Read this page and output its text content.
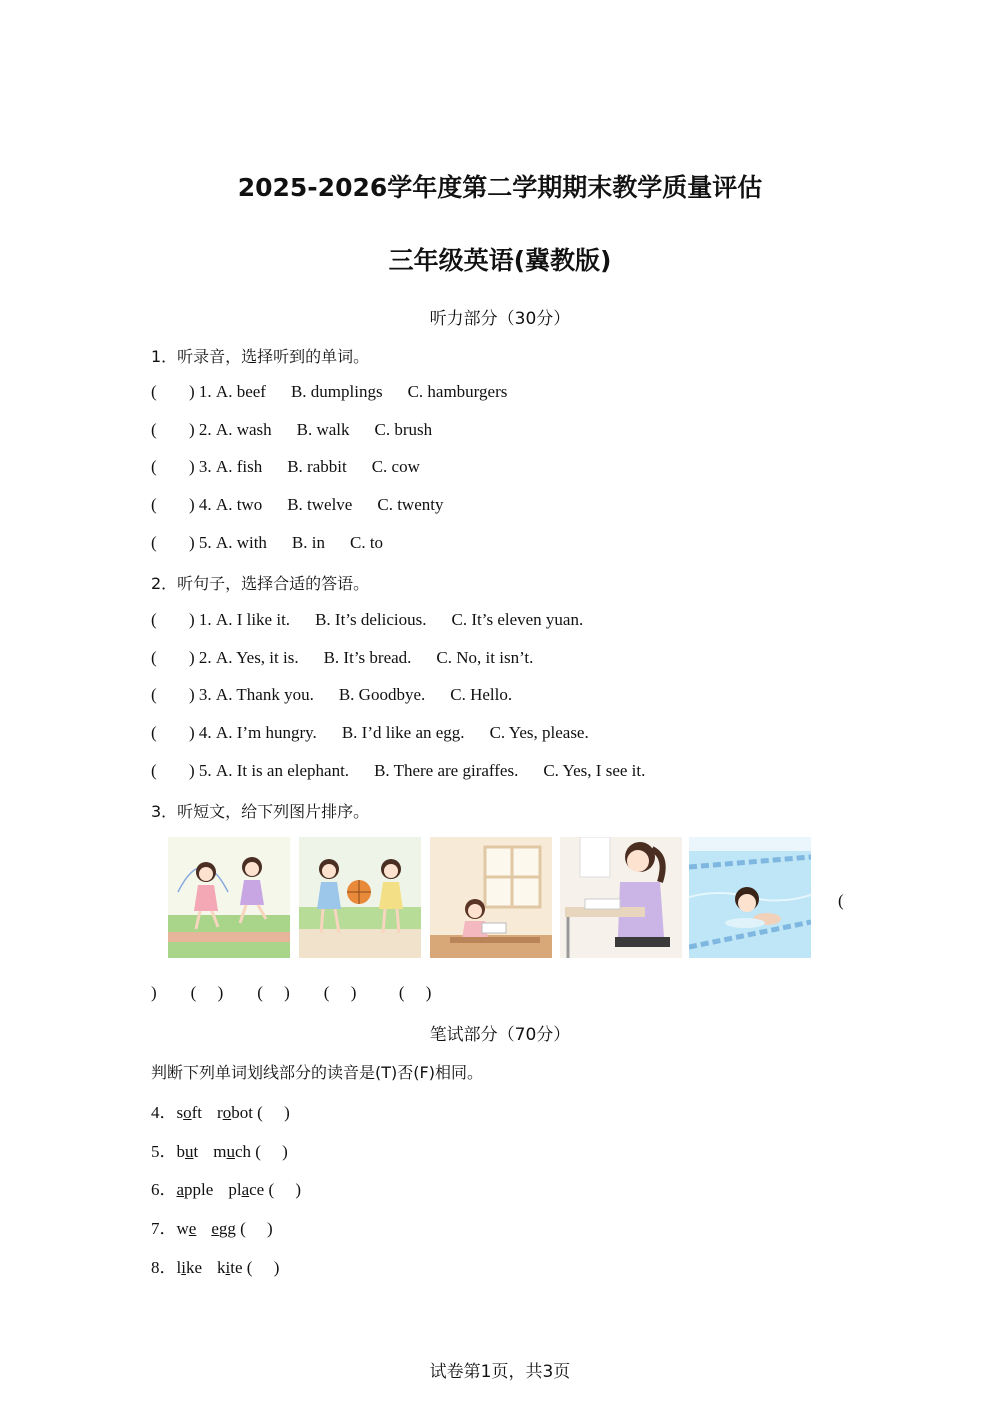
2025-2026学年度第二学期期末教学质量评估
三年级英语(冀教版)
听力部分（30分）
1．听录音，选择听到的单词。
( ) 1. A. beef B. dumplings C. hamburgers
( ) 2. A. wash B. walk C. brush
( ) 3. A. fish B. rabbit C. cow
( ) 4. A. two B. twelve C. twenty
( ) 5. A. with B. in C. to
2．听句子，选择合适的答语。
( ) 1. A. I like it. B. It’s delicious. C. It’s eleven yuan.
( ) 2. A. Yes, it is. B. It’s bread. C. No, it isn’t.
( ) 3. A. Thank you. B. Goodbye. C. Hello.
( ) 4. A. I’m hungry. B. I’d like an egg. C. Yes, please.
( ) 5. A. It is an elephant. B. There are giraffes. C. Yes, I see it.
3．听短文，给下列图片排序。
(
)        (     )        (     )        (     )          (     )
笔试部分（70分）
判断下列单词划线部分的读音是(T)否(F)相同。
4．soft robot (     )
5．but much (     )
6．apple place (     )
7．we egg (     )
8．like kite (     )
试卷第1页，共3页
